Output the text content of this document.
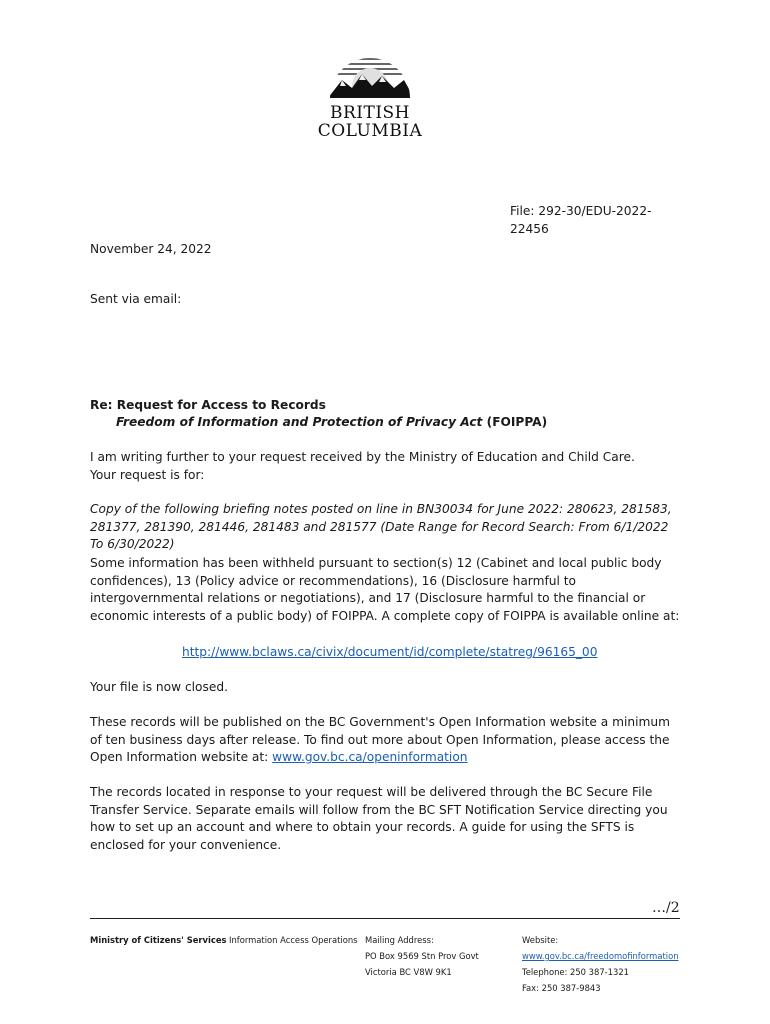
BRITISH
COLUMBIA
File: 292-30/EDU-2022-22456
November 24, 2022
Sent via email:
Re: Request for Access to Records
Freedom of Information and Protection of Privacy Act (FOIPPA)
I am writing further to your request received by the Ministry of Education and Child Care. Your request is for:
Copy of the following briefing notes posted on line in BN30034 for June 2022: 280623, 281583, 281377, 281390, 281446, 281483 and 281577 (Date Range for Record Search: From 6/1/2022 To 6/30/2022)
Some information has been withheld pursuant to section(s) 12 (Cabinet and local public body confidences), 13 (Policy advice or recommendations), 16 (Disclosure harmful to intergovernmental relations or negotiations), and 17 (Disclosure harmful to the financial or economic interests of a public body) of FOIPPA. A complete copy of FOIPPA is available online at:
http://www.bclaws.ca/civix/document/id/complete/statreg/96165_00
Your file is now closed.
These records will be published on the BC Government's Open Information website a minimum of ten business days after release. To find out more about Open Information, please access the Open Information website at: www.gov.bc.ca/openinformation
The records located in response to your request will be delivered through the BC Secure File Transfer Service. Separate emails will follow from the BC SFT Notification Service directing you how to set up an account and where to obtain your records. A guide for using the SFTS is enclosed for your convenience.
…/2
Ministry of Citizens' Services Information Access Operations Mailing Address:
PO Box 9569 Stn Prov Govt
Victoria BC V8W 9K1
Website:
www.gov.bc.ca/freedomofinformation
Telephone: 250 387-1321
Fax: 250 387-9843
